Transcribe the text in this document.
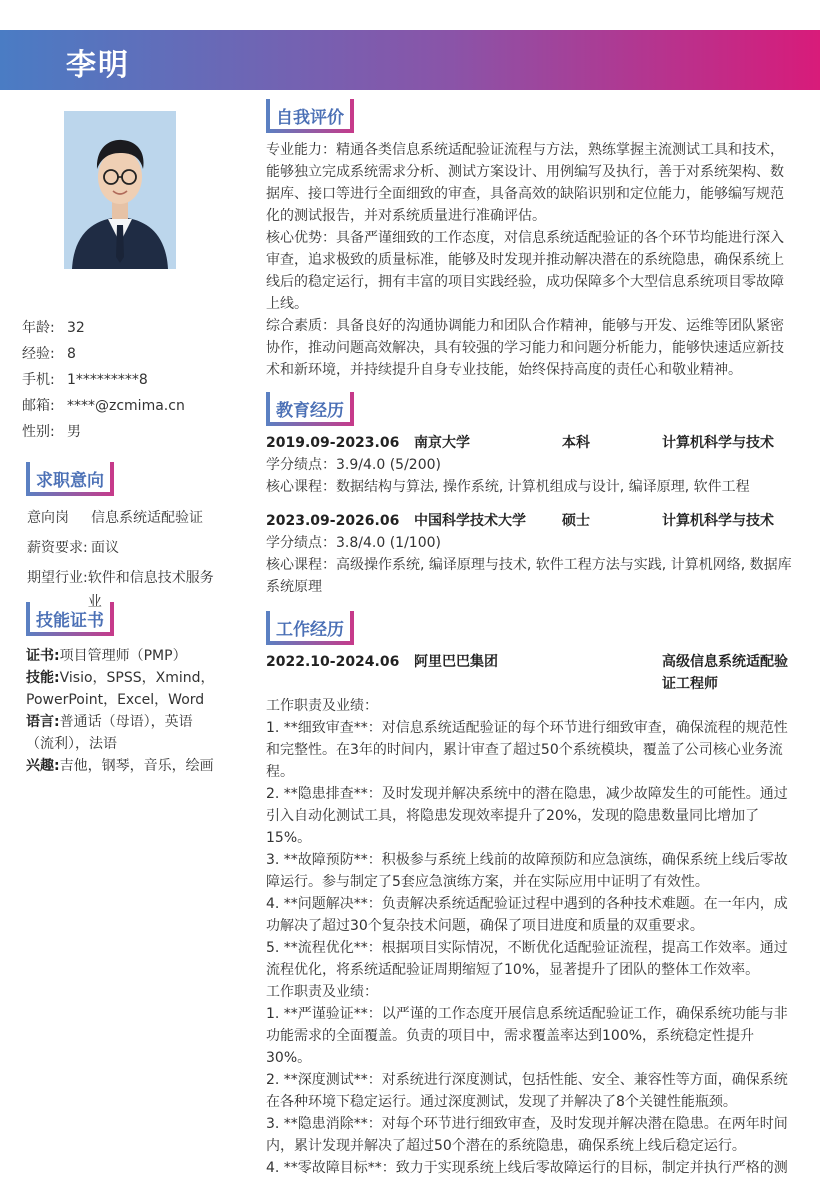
李明
年龄: 32
经验: 8
手机: 1*********8
邮箱: ****@zcmima.cn
性别: 男
求职意向
意向岗	信息系统适配验证
薪资要求: 面议
期望行业: 软件和信息技术服务业
技能证书

证书:项目管理师（PMP）

技能:Visio，SPSS，Xmind，PowerPoint，Excel，Word

语言:普通话（母语），英语（流利），法语

兴趣:吉他，钢琴，音乐，绘画

自我评价

专业能力：精通各类信息系统适配验证流程与方法，熟练掌握主流测试工具和技术，能够独立完成系统需求分析、测试方案设计、用例编写及执行，善于对系统架构、数据库、接口等进行全面细致的审查，具备高效的缺陷识别和定位能力，能够编写规范化的测试报告，并对系统质量进行准确评估。

核心优势：具备严谨细致的工作态度，对信息系统适配验证的各个环节均能进行深入审查，追求极致的质量标准，能够及时发现并推动解决潜在的系统隐患，确保系统上线后的稳定运行，拥有丰富的项目实践经验，成功保障多个大型信息系统项目零故障上线。

综合素质：具备良好的沟通协调能力和团队合作精神，能够与开发、运维等团队紧密协作，推动问题高效解决，具有较强的学习能力和问题分析能力，能够快速适应新技术和新环境，并持续提升自身专业技能，始终保持高度的责任心和敬业精神。

教育经历
2019.09-2023.06	南京大学	本科	计算机科学与技术

学分绩点：3.9/4.0 (5/200)

核心课程：数据结构与算法, 操作系统, 计算机组成与设计, 编译原理, 软件工程

2023.09-2026.06	中国科学技术大学	硕士	计算机科学与技术

学分绩点：3.8/4.0 (1/100)

核心课程：高级操作系统, 编译原理与技术, 软件工程方法与实践, 计算机网络, 数据库系统原理

工作经历
2022.10-2024.06	阿里巴巴集团	高级信息系统适配验证工程师

工作职责及业绩：

1. **细致审查**：对信息系统适配验证的每个环节进行细致审查，确保流程的规范性和完整性。在3年的时间内，累计审查了超过50个系统模块，覆盖了公司核心业务流程。

2. **隐患排查**：及时发现并解决系统中的潜在隐患，减少故障发生的可能性。通过引入自动化测试工具，将隐患发现效率提升了20%，发现的隐患数量同比增加了15%。

3. **故障预防**：积极参与系统上线前的故障预防和应急演练，确保系统上线后零故障运行。参与制定了5套应急演练方案，并在实际应用中证明了有效性。

4. **问题解决**：负责解决系统适配验证过程中遇到的各种技术难题。在一年内，成功解决了超过30个复杂技术问题，确保了项目进度和质量的双重要求。

5. **流程优化**：根据项目实际情况，不断优化适配验证流程，提高工作效率。通过流程优化，将系统适配验证周期缩短了10%，显著提升了团队的整体工作效率。

工作职责及业绩：

1. **严谨验证**：以严谨的工作态度开展信息系统适配验证工作，确保系统功能与非功能需求的全面覆盖。负责的项目中，需求覆盖率达到100%，系统稳定性提升30%。

2. **深度测试**：对系统进行深度测试，包括性能、安全、兼容性等方面，确保系统在各种环境下稳定运行。通过深度测试，发现了并解决了8个关键性能瓶颈。

3. **隐患消除**：对每个环节进行细致审查，及时发现并解决潜在隐患。在两年时间内，累计发现并解决了超过50个潜在的系统隐患，确保系统上线后稳定运行。

4. **零故障目标**：致力于实现系统上线后零故障运行的目标，制定并执行严格的测
